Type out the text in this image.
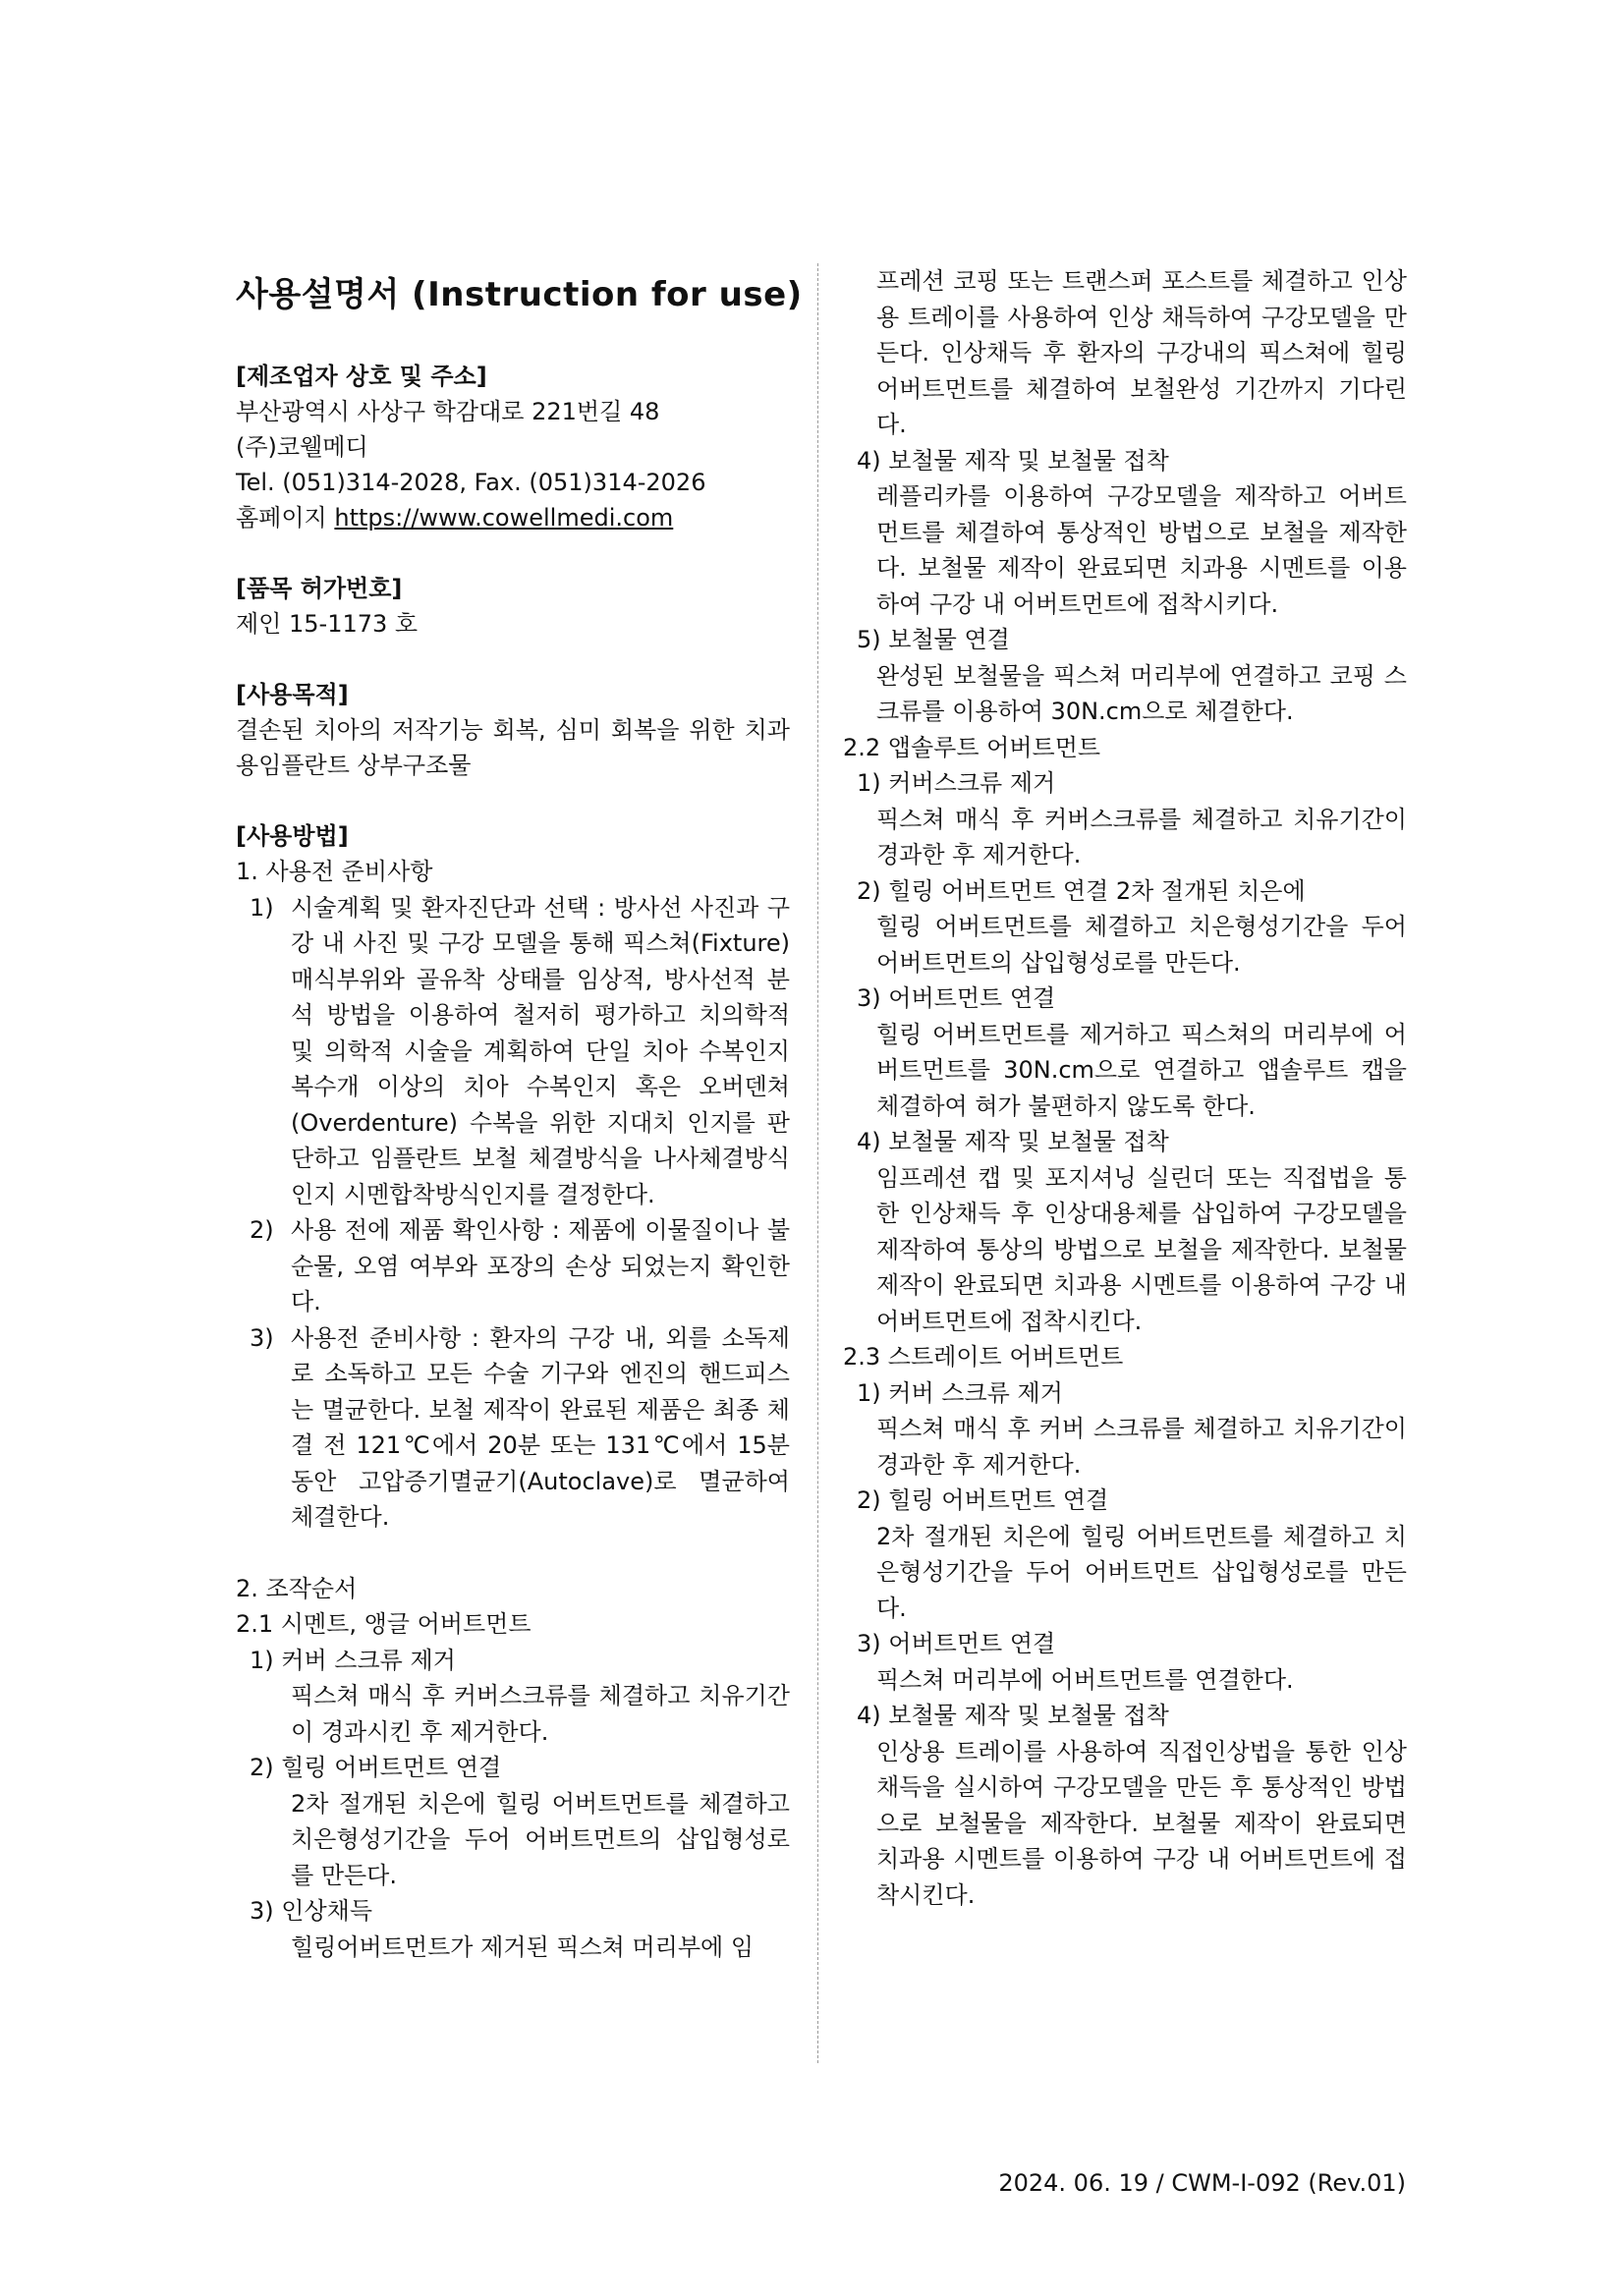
사용설명서 (Instruction for use)
[제조업자 상호 및 주소]
부산광역시 사상구 학감대로 221번길 48
(주)코웰메디
Tel. (051)314-2028, Fax. (051)314-2026
홈페이지 https://www.cowellmedi.com
[품목 허가번호]
제인 15-1173 호
[사용목적]
결손된 치아의 저작기능 회복, 심미 회복을 위한 치과용임플란트 상부구조물
[사용방법]
1. 사용전 준비사항
1) 시술계획 및 환자진단과 선택 : 방사선 사진과 구강 내 사진 및 구강 모델을 통해 픽스쳐(Fixture) 매식부위와 골유착 상태를 임상적, 방사선적 분석 방법을 이용하여 철저히 평가하고 치의학적 및 의학적 시술을 계획하여 단일 치아 수복인지 복수개 이상의 치아 수복인지 혹은 오버덴쳐(Overdenture) 수복을 위한 지대치 인지를 판단하고 임플란트 보철 체결방식을 나사체결방식인지 시멘합착방식인지를 결정한다.
2) 사용 전에 제품 확인사항 : 제품에 이물질이나 불순물, 오염 여부와 포장의 손상 되었는지 확인한다.
3) 사용전 준비사항 : 환자의 구강 내, 외를 소독제로 소독하고 모든 수술 기구와 엔진의 핸드피스는 멸균한다. 보철 제작이 완료된 제품은 최종 체결 전 121℃에서 20분 또는 131℃에서 15분 동안 고압증기멸균기(Autoclave)로 멸균하여 체결한다.
2. 조작순서
2.1 시멘트, 앵글 어버트먼트
1) 커버 스크류 제거
픽스쳐 매식 후 커버스크류를 체결하고 치유기간이 경과시킨 후 제거한다.
2) 힐링 어버트먼트 연결
2차 절개된 치은에 힐링 어버트먼트를 체결하고 치은형성기간을 두어 어버트먼트의 삽입형성로를 만든다.
3) 인상채득
힐링어버트먼트가 제거된 픽스쳐 머리부에 임
프레션 코핑 또는 트랜스퍼 포스트를 체결하고 인상용 트레이를 사용하여 인상 채득하여 구강모델을 만든다. 인상채득 후 환자의 구강내의 픽스쳐에 힐링 어버트먼트를 체결하여 보철완성 기간까지 기다린다.
4) 보철물 제작 및 보철물 접착
레플리카를 이용하여 구강모델을 제작하고 어버트먼트를 체결하여 통상적인 방법으로 보철을 제작한다. 보철물 제작이 완료되면 치과용 시멘트를 이용하여 구강 내 어버트먼트에 접착시키다.
5) 보철물 연결
완성된 보철물을 픽스쳐 머리부에 연결하고 코핑 스크류를 이용하여 30N.cm으로 체결한다.
2.2 앱솔루트 어버트먼트
1) 커버스크류 제거
픽스쳐 매식 후 커버스크류를 체결하고 치유기간이 경과한 후 제거한다.
2) 힐링 어버트먼트 연결 2차 절개된 치은에
힐링 어버트먼트를 체결하고 치은형성기간을 두어 어버트먼트의 삽입형성로를 만든다.
3) 어버트먼트 연결
힐링 어버트먼트를 제거하고 픽스쳐의 머리부에 어버트먼트를 30N.cm으로 연결하고 앱솔루트 캡을 체결하여 혀가 불편하지 않도록 한다.
4) 보철물 제작 및 보철물 접착
임프레션 캡 및 포지셔닝 실린더 또는 직접법을 통한 인상채득 후 인상대용체를 삽입하여 구강모델을 제작하여 통상의 방법으로 보철을 제작한다. 보철물 제작이 완료되면 치과용 시멘트를 이용하여 구강 내 어버트먼트에 접착시킨다.
2.3 스트레이트 어버트먼트
1) 커버 스크류 제거
픽스쳐 매식 후 커버 스크류를 체결하고 치유기간이 경과한 후 제거한다.
2) 힐링 어버트먼트 연결
2차 절개된 치은에 힐링 어버트먼트를 체결하고 치은형성기간을 두어 어버트먼트 삽입형성로를 만든다.
3) 어버트먼트 연결
픽스쳐 머리부에 어버트먼트를 연결한다.
4) 보철물 제작 및 보철물 접착
인상용 트레이를 사용하여 직접인상법을 통한 인상채득을 실시하여 구강모델을 만든 후 통상적인 방법으로 보철물을 제작한다. 보철물 제작이 완료되면 치과용 시멘트를 이용하여 구강 내 어버트먼트에 접착시킨다.
2024. 06. 19 / CWM-I-092 (Rev.01)
